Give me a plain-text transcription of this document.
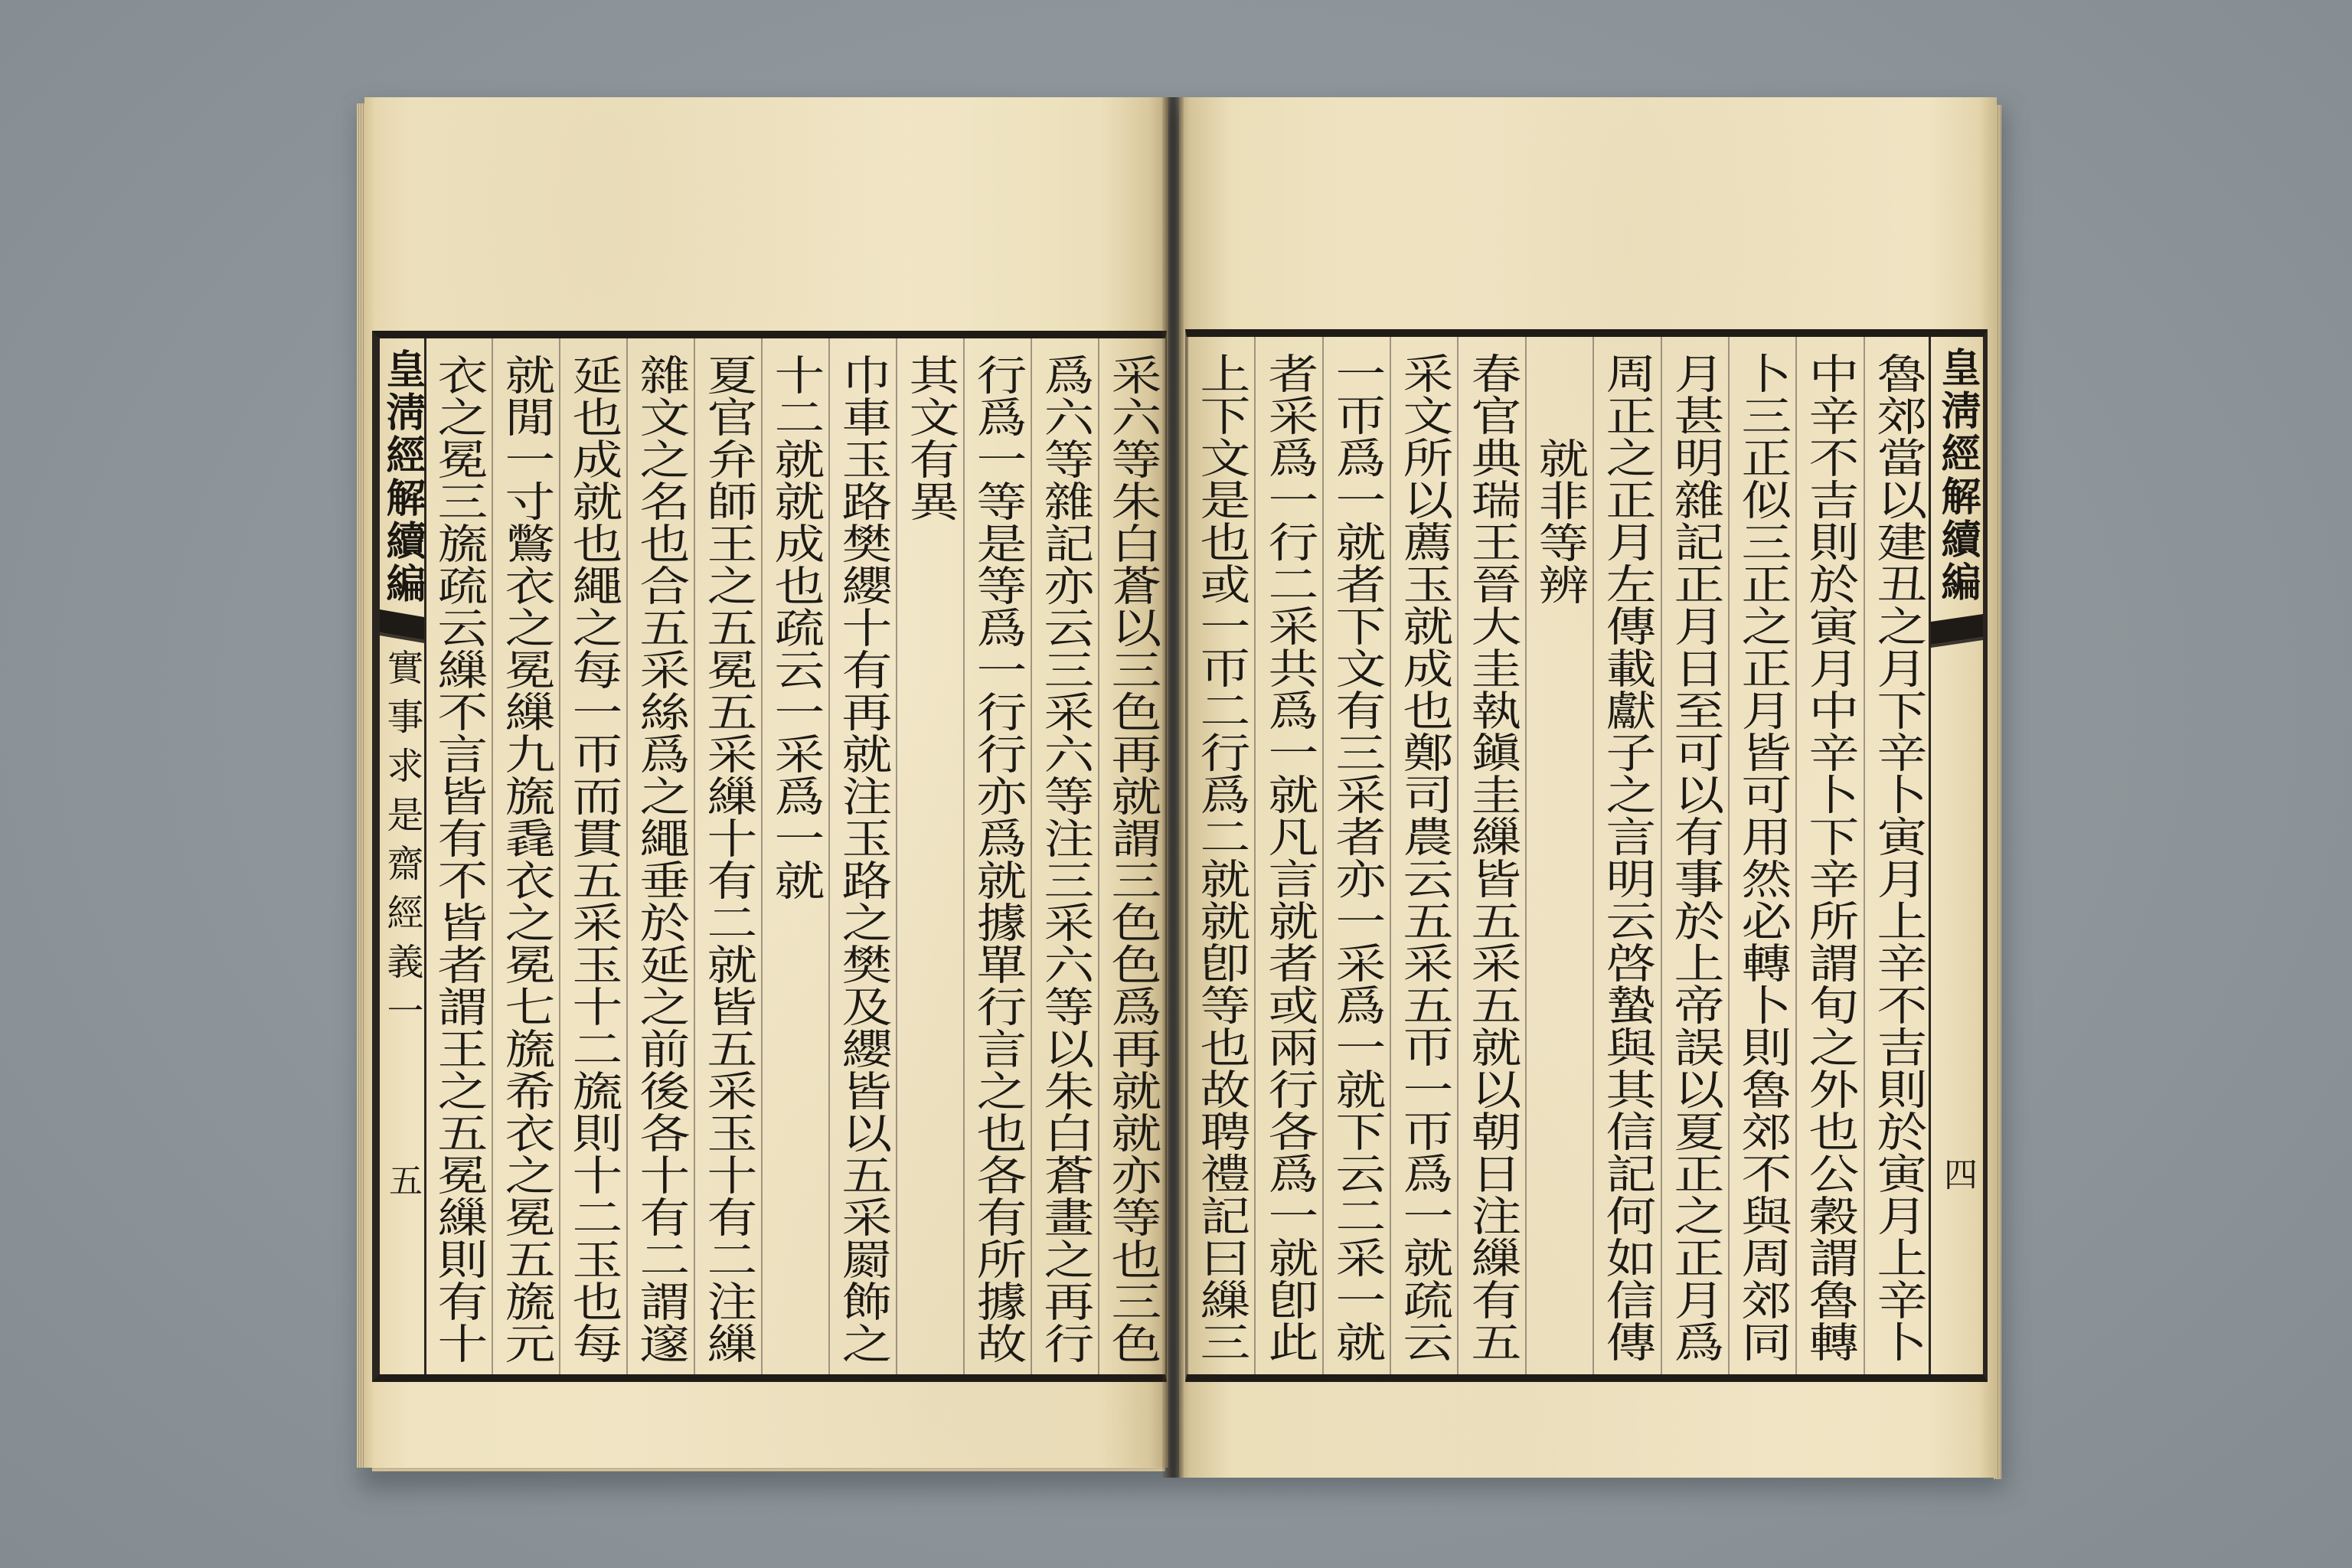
皇淸經解續編
實事求是齋經義一
五	采六等朱白蒼以三色再就謂三色色爲再就就亦等也三色
爲六等雜記亦云三采六等注三采六等以朱白蒼畫之再行
行爲一等是等爲一行行亦爲就據單行言之也各有所據故
其文有異
巾車玉路樊纓十有再就注玉路之樊及纓皆以五采罽飾之
十二就就成也疏云一采爲一就
夏官弁師王之五冕五采繅十有二就皆五采玉十有二注繅
雜文之名也合五采絲爲之繩垂於延之前後各十有二謂邃
延也成就也繩之每一帀而貫五采玉十二旒則十二玉也每
就閒一寸鷩衣之冕繅九旒毳衣之冕七旒希衣之冕五旒元
衣之冕三旒疏云繅不言皆有不皆者謂王之五冕繅則有十	魯郊當以建丑之月下辛卜寅月上辛不吉則於寅月上辛卜
中辛不吉則於寅月中辛卜下辛所謂旬之外也公穀謂魯轉
卜三正似三正之正月皆可用然必轉卜則魯郊不與周郊同
月甚明雜記正月日至可以有事於上帝誤以夏正之正月爲
周正之正月左傳載獻子之言明云啓蟄與其信記何如信傳
就非等辨
春官典瑞王晉大圭執鎭圭繅皆五采五就以朝日注繅有五
采文所以薦玉就成也鄭司農云五采五帀一帀爲一就疏云
一帀爲一就者下文有三采者亦一采爲一就下云二采一就
者采爲一行二采共爲一就凡言就者或兩行各爲一就卽此
上下文是也或一帀二行爲二就就卽等也故聘禮記曰繅三	皇淸經解續編
四
